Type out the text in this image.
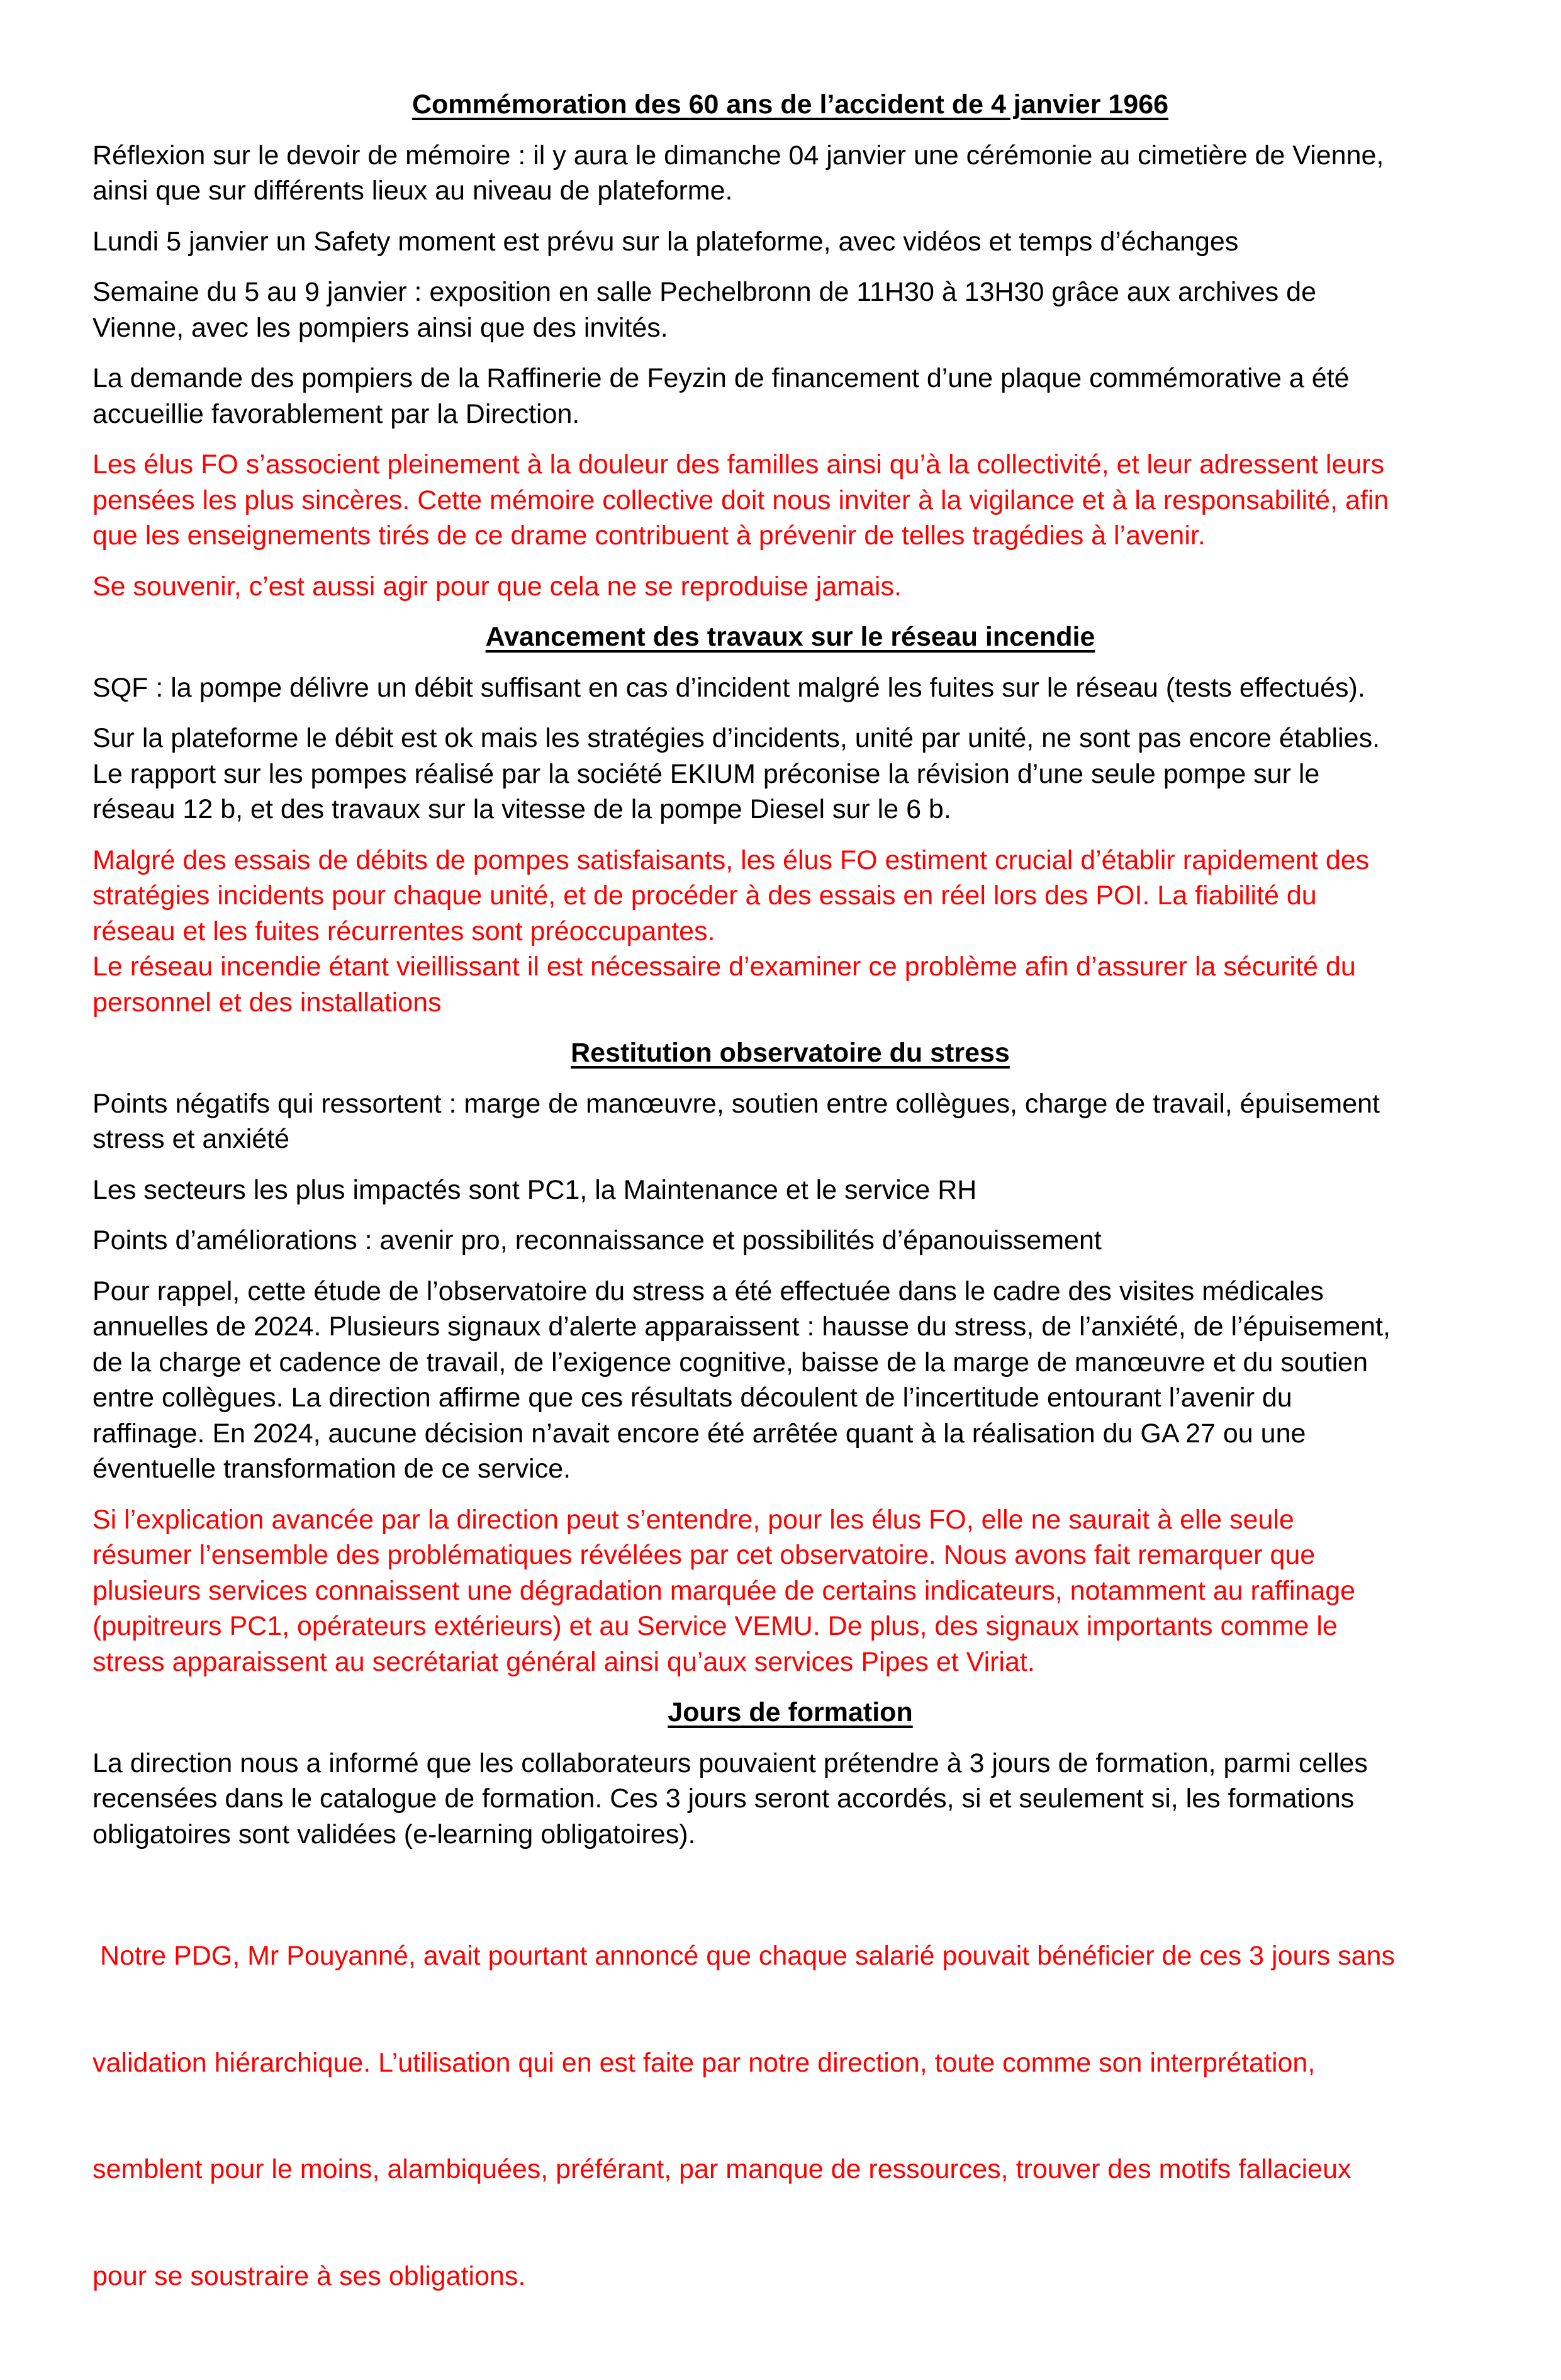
Commémoration des 60 ans de l’accident de 4 janvier 1966

Réflexion sur le devoir de mémoire : il y aura le dimanche 04 janvier une cérémonie au cimetière de Vienne,
ainsi que sur différents lieux au niveau de plateforme.

Lundi 5 janvier un Safety moment est prévu sur la plateforme, avec vidéos et temps d’échanges

Semaine du 5 au 9 janvier : exposition en salle Pechelbronn de 11H30 à 13H30 grâce aux archives de
Vienne, avec les pompiers ainsi que des invités.

La demande des pompiers de la Raffinerie de Feyzin de financement d’une plaque commémorative a été
accueillie favorablement par la Direction.

Les élus FO s’associent pleinement à la douleur des familles ainsi qu’à la collectivité, et leur adressent leurs
pensées les plus sincères. Cette mémoire collective doit nous inviter à la vigilance et à la responsabilité, afin
que les enseignements tirés de ce drame contribuent à prévenir de telles tragédies à l’avenir.

Se souvenir, c’est aussi agir pour que cela ne se reproduise jamais.

Avancement des travaux sur le réseau incendie

SQF : la pompe délivre un débit suffisant en cas d’incident malgré les fuites sur le réseau (tests effectués).

Sur la plateforme le débit est ok mais les stratégies d’incidents, unité par unité, ne sont pas encore établies.
Le rapport sur les pompes réalisé par la société EKIUM préconise la révision d’une seule pompe sur le
réseau 12 b, et des travaux sur la vitesse de la pompe Diesel sur le 6 b.

Malgré des essais de débits de pompes satisfaisants, les élus FO estiment crucial d’établir rapidement des
stratégies incidents pour chaque unité, et de procéder à des essais en réel lors des POI. La fiabilité du
réseau et les fuites récurrentes sont préoccupantes.
Le réseau incendie étant vieillissant il est nécessaire d’examiner ce problème afin d’assurer la sécurité du
personnel et des installations

Restitution observatoire du stress

Points négatifs qui ressortent : marge de manœuvre, soutien entre collègues, charge de travail, épuisement
stress et anxiété

Les secteurs les plus impactés sont PC1, la Maintenance et le service RH

Points d’améliorations : avenir pro, reconnaissance et possibilités d’épanouissement

Pour rappel, cette étude de l’observatoire du stress a été effectuée dans le cadre des visites médicales
annuelles de 2024. Plusieurs signaux d’alerte apparaissent : hausse du stress, de l’anxiété, de l’épuisement,
de la charge et cadence de travail, de l’exigence cognitive, baisse de la marge de manœuvre et du soutien
entre collègues. La direction affirme que ces résultats découlent de l’incertitude entourant l’avenir du
raffinage. En 2024, aucune décision n’avait encore été arrêtée quant à la réalisation du GA 27 ou une
éventuelle transformation de ce service.

Si l’explication avancée par la direction peut s’entendre, pour les élus FO, elle ne saurait à elle seule
résumer l’ensemble des problématiques révélées par cet observatoire. Nous avons fait remarquer que
plusieurs services connaissent une dégradation marquée de certains indicateurs, notamment au raffinage
(pupitreurs PC1, opérateurs extérieurs) et au Service VEMU. De plus, des signaux importants comme le
stress apparaissent au secrétariat général ainsi qu’aux services Pipes et Viriat.

Jours de formation

La direction nous a informé que les collaborateurs pouvaient prétendre à 3 jours de formation, parmi celles
recensées dans le catalogue de formation. Ces 3 jours seront accordés, si et seulement si, les formations
obligatoires sont validées (e-learning obligatoires).

Notre PDG, Mr Pouyanné, avait pourtant annoncé que chaque salarié pouvait bénéficier de ces 3 jours sans

validation hiérarchique. L’utilisation qui en est faite par notre direction, toute comme son interprétation,

semblent pour le moins, alambiquées, préférant, par manque de ressources, trouver des motifs fallacieux

pour se soustraire à ses obligations.
